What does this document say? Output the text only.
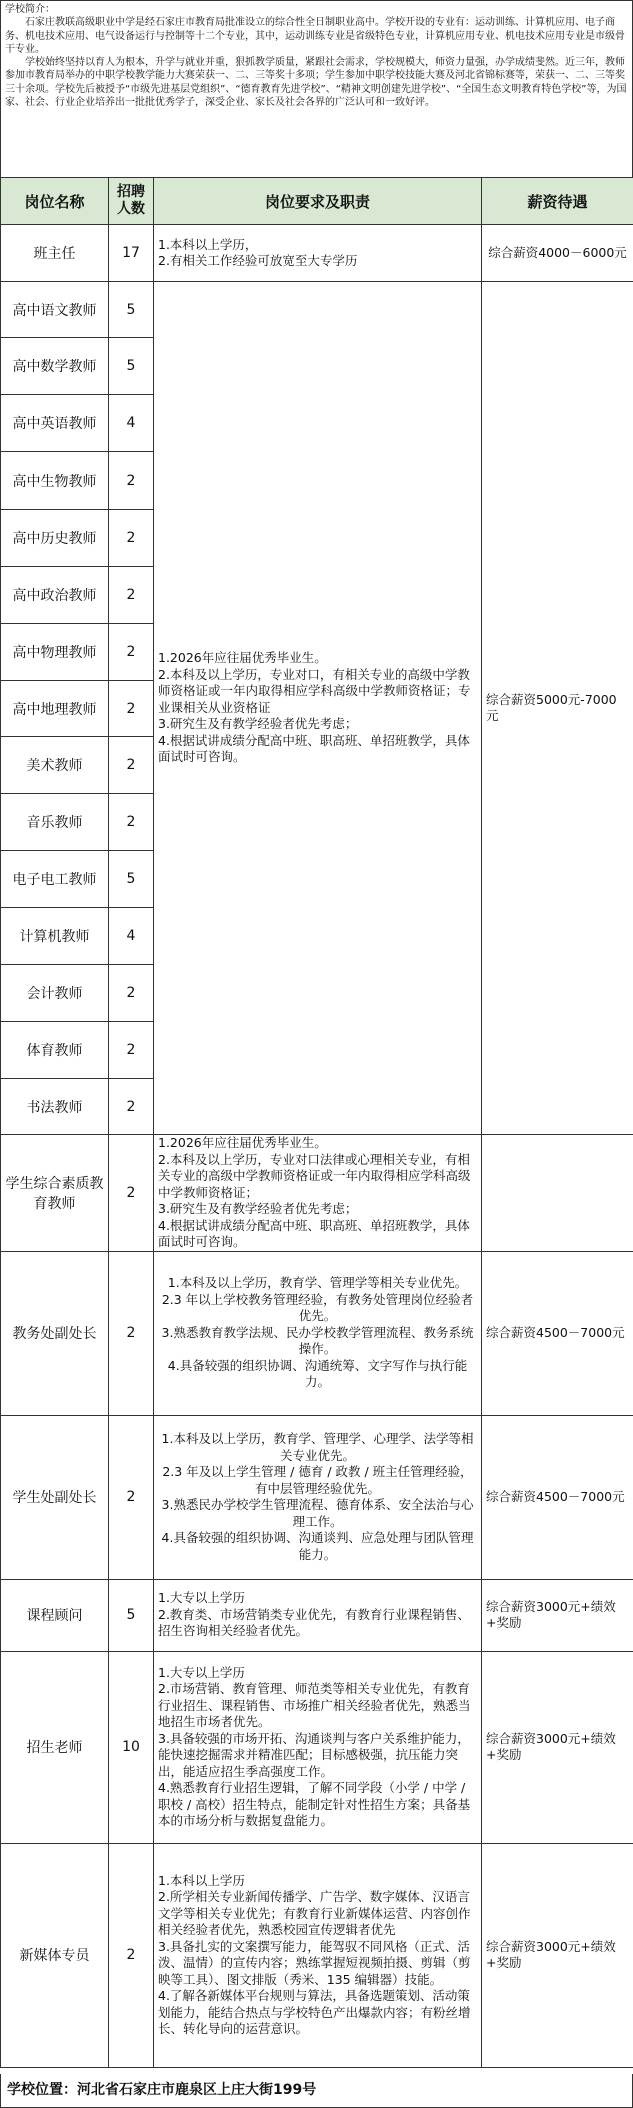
学校简介：

石家庄教联高级职业中学是经石家庄市教育局批准设立的综合性全日制职业高中。学校开设的专业有：运动训练、计算机应用、电子商务、机电技术应用、电气设备运行与控制等十二个专业，其中，运动训练专业是省级特色专业，计算机应用专业、机电技术应用专业是市级骨干专业。

学校始终坚持以育人为根本，升学与就业并重，狠抓教学质量，紧跟社会需求，学校规模大，师资力量强，办学成绩斐然。近三年，教师参加市教育局举办的中职学校教学能力大赛荣获一、二、三等奖十多项；学生参加中职学校技能大赛及河北省锦标赛等，荣获一、二、三等奖三十余项。学校先后被授予“市级先进基层党组织”、“德育教育先进学校”、“精神文明创建先进学校”、“全国生态文明教育特色学校”等，为国家、社会、行业企业培养出一批批优秀学子，深受企业、家长及社会各界的广泛认可和一致好评。

岗位名称	招聘人数	岗位要求及职责	薪资待遇
班主任	17	1.本科以上学历，
2.有相关工作经验可放宽至大专学历	综合薪资4000－6000元
高中语文教师	5	1.2026年应往届优秀毕业生。
2.本科及以上学历，专业对口，有相关专业的高级中学教师资格证或一年内取得相应学科高级中学教师资格证；专业课相关从业资格证
3.研究生及有教学经验者优先考虑；
4.根据试讲成绩分配高中班、职高班、单招班教学，具体面试时可咨询。	综合薪资5000元-7000元
高中数学教师	5		
高中英语教师	4		
高中生物教师	2		
高中历史教师	2		
高中政治教师	2		
高中物理教师	2		
高中地理教师	2		
美术教师	2		
音乐教师	2		
电子电工教师	5		
计算机教师	4		
会计教师	2		
体育教师	2		
书法教师	2		
学生综合素质教育教师	2	1.2026年应往届优秀毕业生。
2.本科及以上学历，专业对口法律或心理相关专业，有相关专业的高级中学教师资格证或一年内取得相应学科高级中学教师资格证；
3.研究生及有教学经验者优先考虑；
4.根据试讲成绩分配高中班、职高班、单招班教学，具体面试时可咨询。	
教务处副处长	2	1.本科及以上学历，教育学、管理学等相关专业优先。
2.3 年以上学校教务管理经验，有教务处管理岗位经验者优先。
3.熟悉教育教学法规、民办学校教学管理流程、教务系统操作。
4.具备较强的组织协调、沟通统筹、文字写作与执行能力。	综合薪资4500－7000元
学生处副处长	2	1.本科及以上学历，教育学、管理学、心理学、法学等相关专业优先。
2.3 年及以上学生管理 / 德育 / 政教 / 班主任管理经验，有中层管理经验优先。
3.熟悉民办学校学生管理流程、德育体系、安全法治与心理工作。
4.具备较强的组织协调、沟通谈判、应急处理与团队管理能力。	综合薪资4500－7000元
课程顾问	5	1.大专以上学历
2.教育类、市场营销类专业优先，有教育行业课程销售、招生咨询相关经验者优先。	综合薪资3000元+绩效+奖励
招生老师	10	1.大专以上学历
2.市场营销、教育管理、师范类等相关专业优先，有教育行业招生、课程销售、市场推广相关经验者优先，熟悉当地招生市场者优先。
3.具备较强的市场开拓、沟通谈判与客户关系维护能力，能快速挖掘需求并精准匹配；目标感极强，抗压能力突出，能适应招生季高强度工作。
4.熟悉教育行业招生逻辑，了解不同学段（小学 / 中学 / 职校 / 高校）招生特点，能制定针对性招生方案；具备基本的市场分析与数据复盘能力。	综合薪资3000元+绩效+奖励
新媒体专员	2	1.本科以上学历
2.所学相关专业新闻传播学、广告学、数字媒体、汉语言文学等相关专业优先；有教育行业新媒体运营、内容创作相关经验者优先，熟悉校园宣传逻辑者优先
3.具备扎实的文案撰写能力，能驾驭不同风格（正式、活泼、温情）的宣传内容；熟练掌握短视频拍摄、剪辑（剪映等工具）、图文排版（秀米、135 编辑器）技能。
4.了解各新媒体平台规则与算法，具备选题策划、活动策划能力，能结合热点与学校特色产出爆款内容；有粉丝增长、转化导向的运营意识。	综合薪资3000元+绩效+奖励
学校位置：河北省石家庄市鹿泉区上庄大街199号
